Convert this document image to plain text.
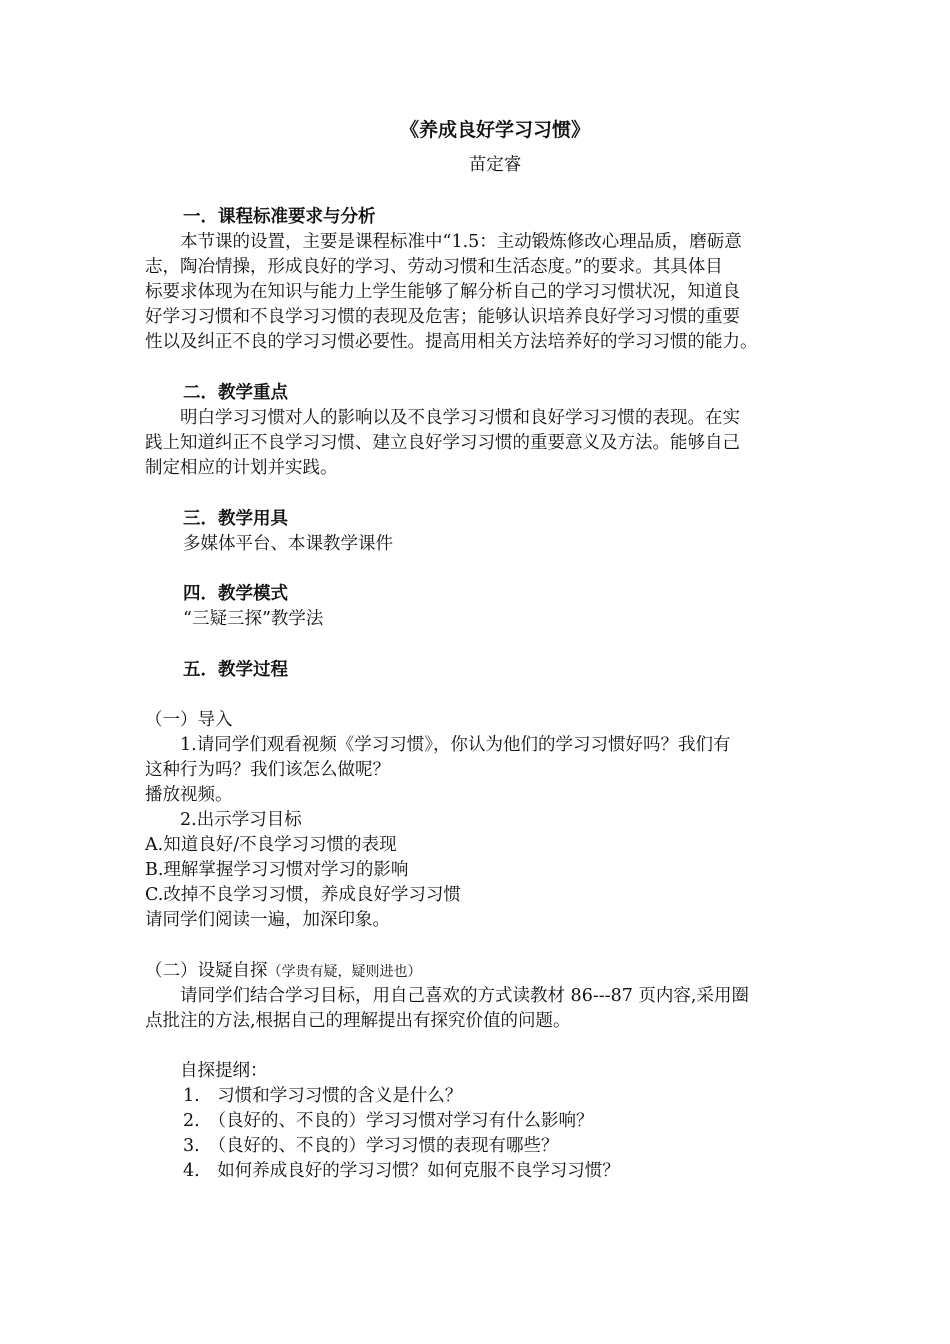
《养成良好学习习惯》
苗定睿
一．课程标准要求与分析
　　本节课的设置，主要是课程标准中“1.5：主动锻炼修改心理品质，磨砺意
志，陶冶情操，形成良好的学习、劳动习惯和生活态度。”的要求。其具体目
标要求体现为在知识与能力上学生能够了解分析自己的学习习惯状况，知道良
好学习习惯和不良学习习惯的表现及危害；能够认识培养良好学习习惯的重要
性以及纠正不良的学习习惯必要性。提高用相关方法培养好的学习习惯的能力。
二．教学重点
　　明白学习习惯对人的影响以及不良学习习惯和良好学习习惯的表现。在实
践上知道纠正不良学习习惯、建立良好学习习惯的重要意义及方法。能够自己
制定相应的计划并实践。
三．教学用具
多媒体平台、本课教学课件
四．教学模式
“三疑三探”教学法
五．教学过程
（一）导入
　　1.请同学们观看视频《学习习惯》，你认为他们的学习习惯好吗？我们有
这种行为吗？我们该怎么做呢？
播放视频。
　　2.出示学习目标
A.知道良好/不良学习习惯的表现
B.理解掌握学习习惯对学习的影响
C.改掉不良学习习惯，养成良好学习习惯
请同学们阅读一遍，加深印象。
（二）设疑自探（学贵有疑，疑则进也）
　　请同学们结合学习目标，用自己喜欢的方式读教材 86---87 页内容,采用圈
点批注的方法,根据自己的理解提出有探究价值的问题。
　　自探提纲：
1.　习惯和学习习惯的含义是什么？
2.　（良好的、不良的）学习习惯对学习有什么影响？
3.　（良好的、不良的）学习习惯的表现有哪些？
4.　如何养成良好的学习习惯？如何克服不良学习习惯？
